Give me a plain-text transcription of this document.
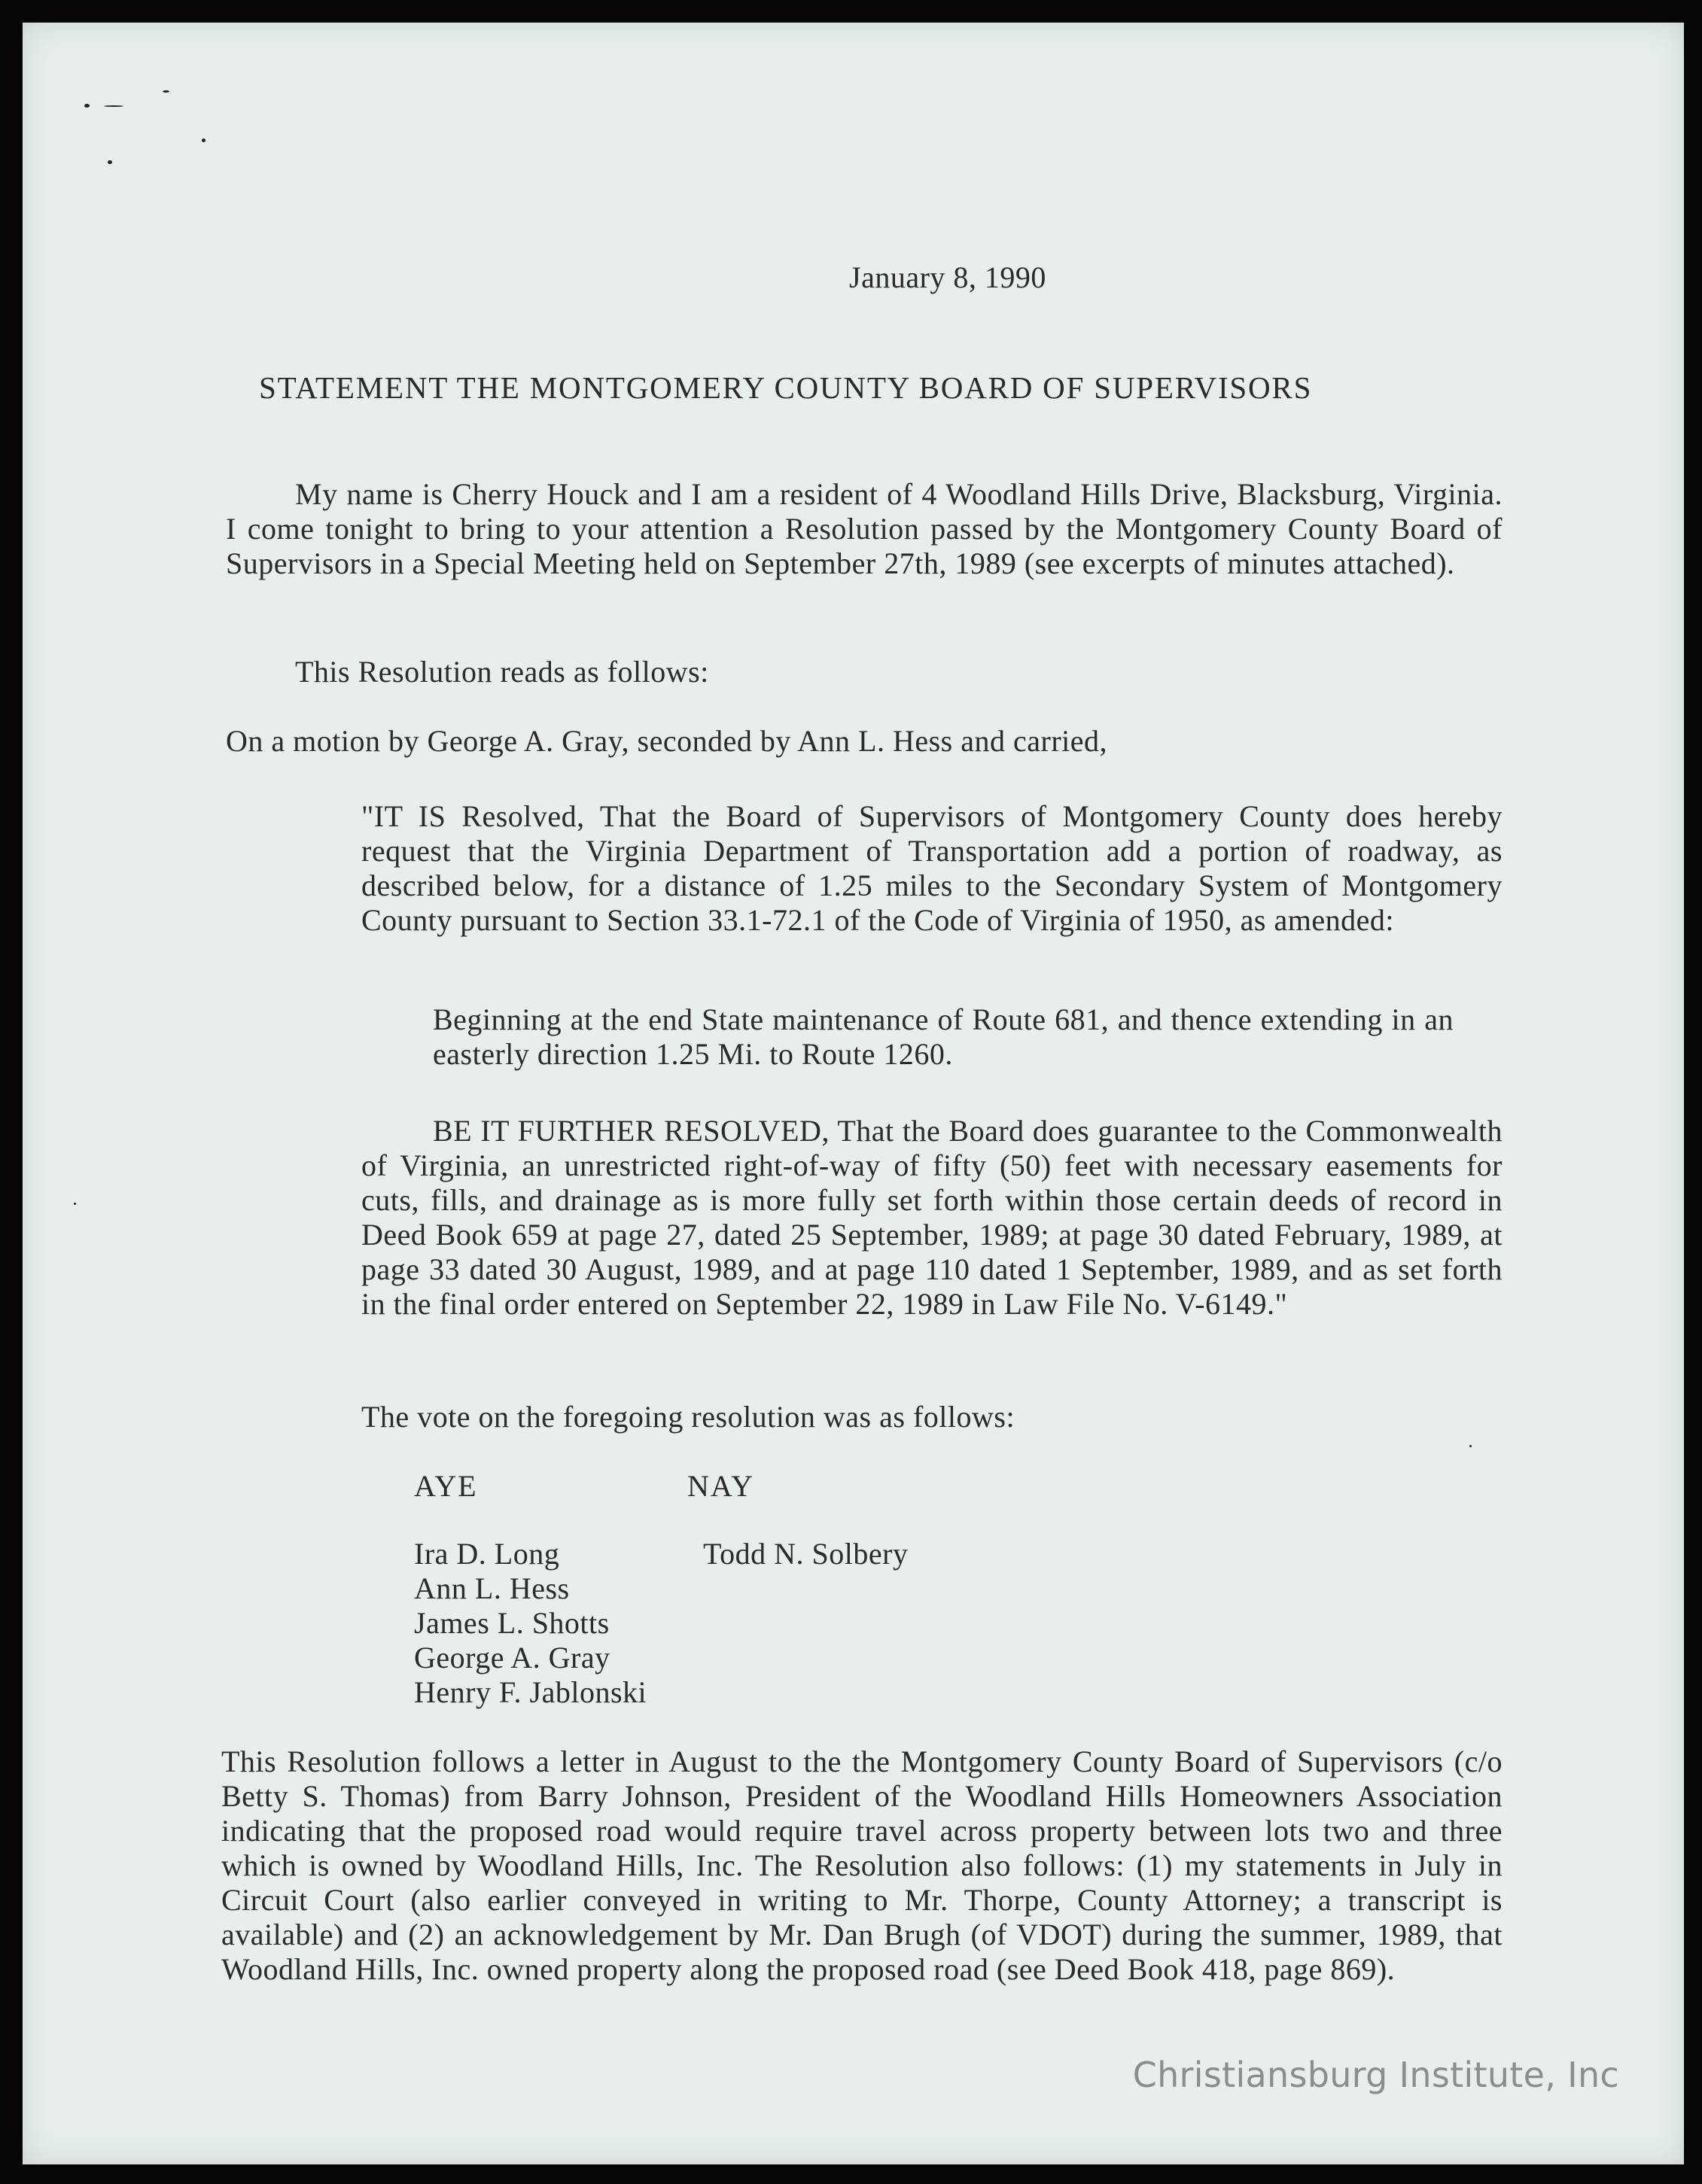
January 8, 1990
STATEMENT THE MONTGOMERY COUNTY BOARD OF SUPERVISORS
My name is Cherry Houck and I am a resident of 4 Woodland Hills Drive, Blacksburg, Virginia. I come tonight to bring to your attention a Resolution passed by the Montgomery County Board of Supervisors in a Special Meeting held on September 27th, 1989 (see excerpts of minutes attached).
This Resolution reads as follows:
On a motion by George A. Gray, seconded by Ann L. Hess and carried,
"IT IS Resolved, That the Board of Supervisors of Montgomery County does hereby request that the Virginia Department of Transportation add a portion of roadway, as described below, for a distance of 1.25 miles to the Secondary System of Montgomery County pursuant to Section 33.1-72.1 of the Code of Virginia of 1950, as amended:
Beginning at the end State maintenance of Route 681, and thence extending in an easterly direction 1.25 Mi. to Route 1260.
BE IT FURTHER RESOLVED, That the Board does guarantee to the Commonwealth of Virginia, an unrestricted right-of-way of fifty (50) feet with necessary easements for cuts, fills, and drainage as is more fully set forth within those certain deeds of record in Deed Book 659 at page 27, dated 25 September, 1989; at page 30 dated February, 1989, at page 33 dated 30 August, 1989, and at page 110 dated 1 September, 1989, and as set forth in the final order entered on September 22, 1989 in Law File No. V-6149."
The vote on the foregoing resolution was as follows:
AYE	NAY
Ira D. Long
Ann L. Hess
James L. Shotts
George A. Gray
Henry F. Jablonski
Todd N. Solbery
This Resolution follows a letter in August to the the Montgomery County Board of Supervisors (c/o Betty S. Thomas) from Barry Johnson, President of the Woodland Hills Homeowners Association indicating that the proposed road would require travel across property between lots two and three which is owned by Woodland Hills, Inc. The Resolution also follows: (1) my statements in July in Circuit Court (also earlier conveyed in writing to Mr. Thorpe, County Attorney; a transcript is available) and (2) an acknowledgement by Mr. Dan Brugh (of VDOT) during the summer, 1989, that Woodland Hills, Inc. owned property along the proposed road (see Deed Book 418, page 869).
Christiansburg Institute, Inc
